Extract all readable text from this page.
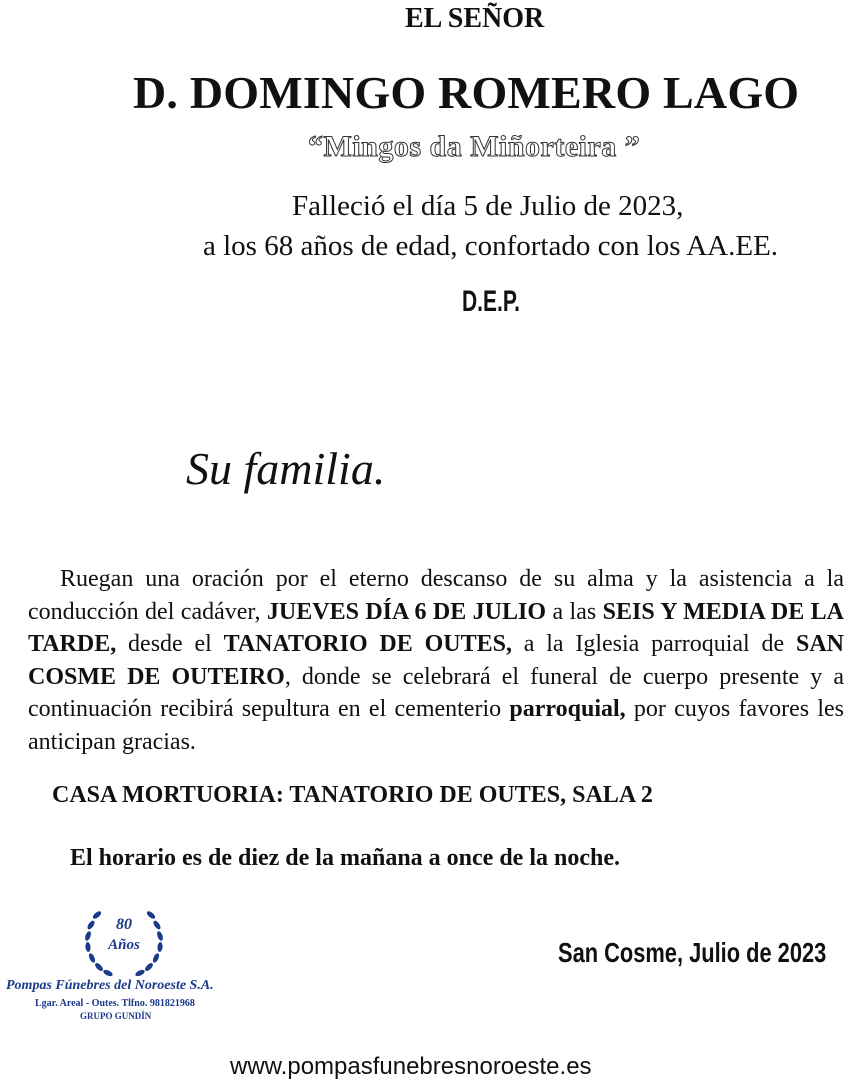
EL SEÑOR
D. DOMINGO ROMERO LAGO
“Mingos da Miñorteira ”
Falleció el día 5 de Julio de 2023,
a los 68 años de edad, confortado con los AA.EE.
D.E.P.
Su familia.
Ruegan una oración por el eterno descanso de su alma y la asistencia a la conducción del cadáver, JUEVES DÍA 6 DE JULIO a las SEIS Y MEDIA DE LA TARDE, desde el TANATORIO DE OUTES, a la Iglesia parroquial de SAN COSME DE OUTEIRO, donde se celebrará el funeral de cuerpo presente y a continuación recibirá sepultura en el cementerio parroquial, por cuyos favores les anticipan gracias.
CASA MORTUORIA: TANATORIO DE OUTES, SALA 2
El horario es de diez de la mañana a once de la noche.
80
Años
Pompas Fúnebres del Noroeste S.A.
Lgar. Areal - Outes. Tlfno. 981821968
GRUPO GUNDÍN
San Cosme, Julio de 2023
www.pompasfunebresnoroeste.es
